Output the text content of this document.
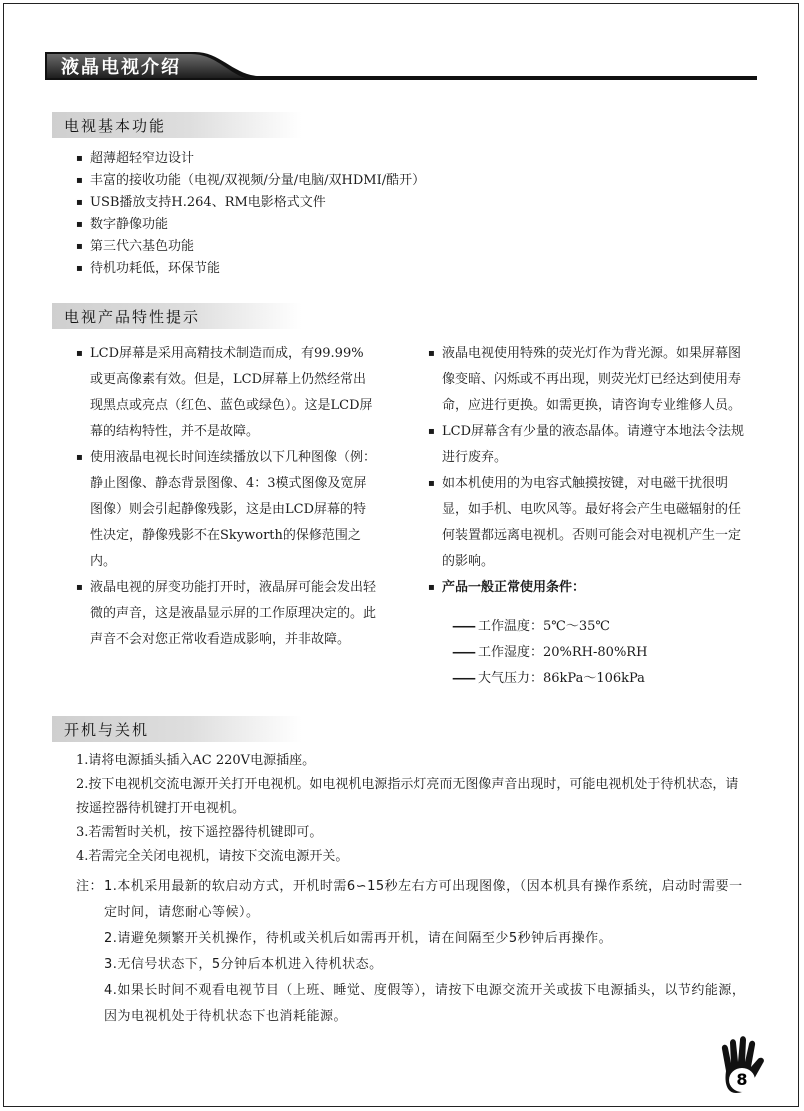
液晶电视介绍
电视基本功能
▪ 超薄超轻窄边设计
▪ 丰富的接收功能（电视/双视频/分量/电脑/双HDMI/酷开）
▪ USB播放支持H.264、RM电影格式文件
▪ 数字静像功能
▪ 第三代六基色功能
▪ 待机功耗低，环保节能
电视产品特性提示
▪ LCD屏幕是采用高精技术制造而成，有99.99%或更高像素有效。但是，LCD屏幕上仍然经常出现黑点或亮点（红色、蓝色或绿色）。这是LCD屏幕的结构特性，并不是故障。
▪ 使用液晶电视长时间连续播放以下几种图像（例：静止图像、静态背景图像、4：3模式图像及宽屏图像）则会引起静像残影，这是由LCD屏幕的特性决定，静像残影不在Skyworth的保修范围之内。
▪ 液晶电视的屏变功能打开时，液晶屏可能会发出轻微的声音，这是液晶显示屏的工作原理决定的。此声音不会对您正常收看造成影响，并非故障。
▪ 液晶电视使用特殊的荧光灯作为背光源。如果屏幕图像变暗、闪烁或不再出现，则荧光灯已经达到使用寿命，应进行更换。如需更换，请咨询专业维修人员。
▪ LCD屏幕含有少量的液态晶体。请遵守本地法令法规进行废弃。
▪ 如本机使用的为电容式触摸按键，对电磁干扰很明显，如手机、电吹风等。最好将会产生电磁辐射的任何装置都远离电视机。否则可能会对电视机产生一定的影响。
▪ 产品一般正常使用条件：
—— 工作温度：5℃～35℃
—— 工作湿度：20%RH-80%RH
—— 大气压力：86kPa～106kPa
开机与关机

1.请将电源插头插入AC 220V电源插座。

2.按下电视机交流电源开关打开电视机。如电视机电源指示灯亮而无图像声音出现时，可能电视机处于待机状态，请按遥控器待机键打开电视机。

3.若需暂时关机，按下遥控器待机键即可。

4.若需完全关闭电视机，请按下交流电源开关。

注：1.本机采用最新的软启动方式，开机时需6∽15秒左右方可出现图像，（因本机具有操作系统，启动时需要一定时间，请您耐心等候）。

2.请避免频繁开关机操作，待机或关机后如需再开机，请在间隔至少5秒钟后再操作。

3.无信号状态下，5分钟后本机进入待机状态。

4.如果长时间不观看电视节目（上班、睡觉、度假等），请按下电源交流开关或拔下电源插头，以节约能源，因为电视机处于待机状态下也消耗能源。

8
